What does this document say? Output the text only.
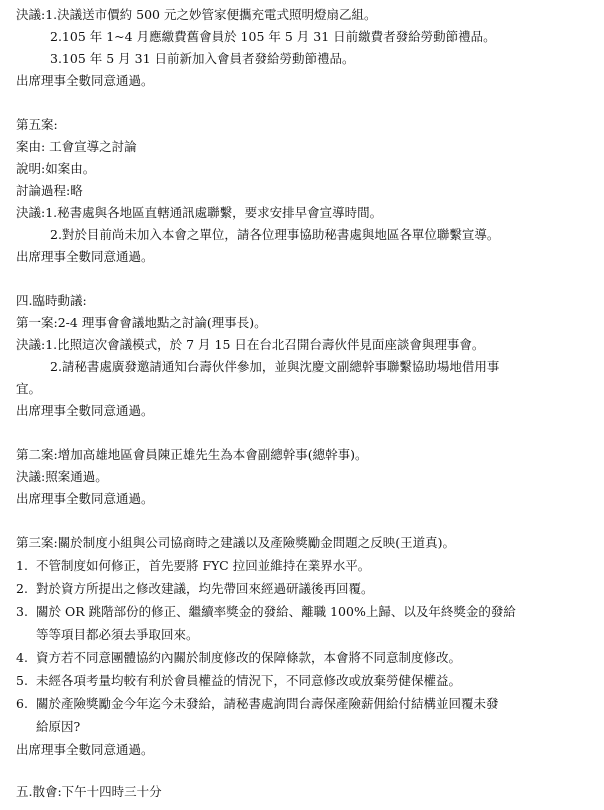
決議:1.決議送市價約 500 元之妙管家便攜充電式照明燈扇乙組。
2.105 年 1~4 月應繳費舊會員於 105 年 5 月 31 日前繳費者發給勞動節禮品。
3.105 年 5 月 31 日前新加入會員者發給勞動節禮品。
出席理事全數同意通過。
第五案:
案由: 工會宣導之討論
說明:如案由。
討論過程:略
決議:1.秘書處與各地區直轄通訊處聯繫，要求安排早會宣導時間。
2.對於目前尚未加入本會之單位，請各位理事協助秘書處與地區各單位聯繫宣導。
出席理事全數同意通過。
四.臨時動議:
第一案:2-4 理事會會議地點之討論(理事長)。
決議:1.比照這次會議模式，於 7 月 15 日在台北召開台壽伙伴見面座談會與理事會。
2.請秘書處廣發邀請通知台壽伙伴參加，並與沈慶文副總幹事聯繫協助場地借用事
宜。
出席理事全數同意通過。
第二案:增加高雄地區會員陳正雄先生為本會副總幹事(總幹事)。
決議:照案通過。
出席理事全數同意通過。
第三案:關於制度小組與公司協商時之建議以及產險獎勵金問題之反映(王道真)。
1. 不管制度如何修正，首先要將 FYC 拉回並維持在業界水平。
2. 對於資方所提出之修改建議，均先帶回來經過研議後再回覆。
3. 關於 OR 跳階部份的修正、繼續率獎金的發給、離職 100%上歸、以及年終獎金的發給
等等項目都必須去爭取回來。
4. 資方若不同意團體協約內關於制度修改的保障條款，本會將不同意制度修改。
5. 未經各項考量均較有利於會員權益的情況下，不同意修改或放棄勞健保權益。
6. 關於產險獎勵金今年迄今未發給，請秘書處詢問台壽保產險薪佣給付結構並回覆未發
給原因?
出席理事全數同意通過。
五.散會:下午十四時三十分
